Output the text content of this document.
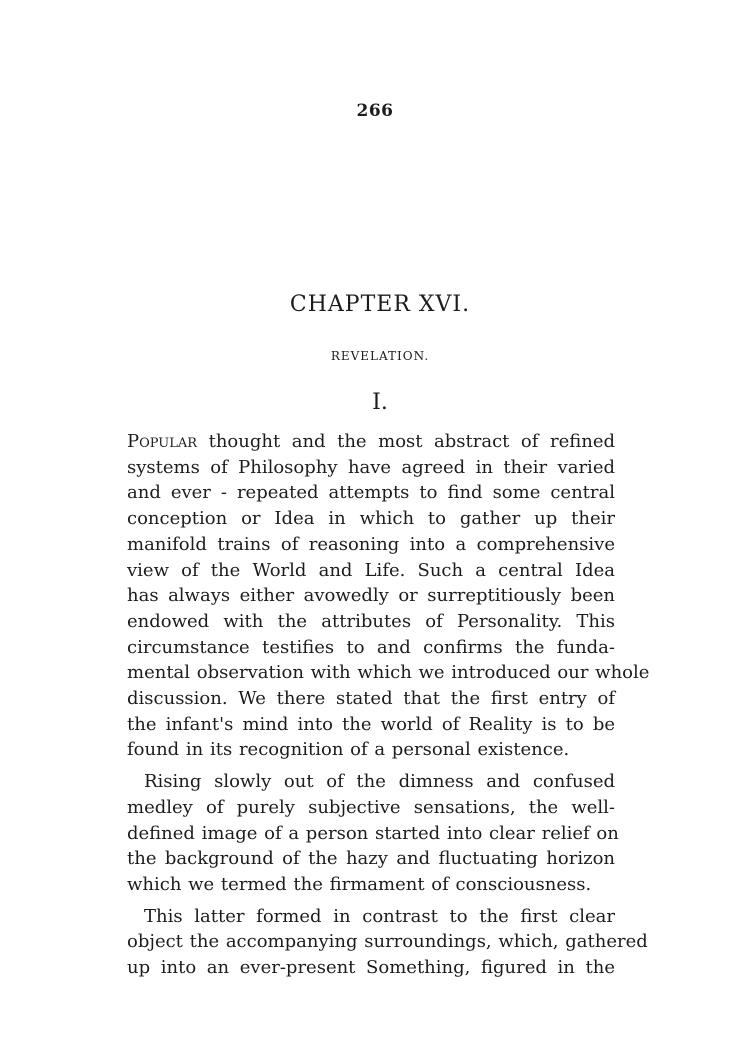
266
CHAPTER XVI.
REVELATION.
I.
Popular thought and the most abstract of refined
systems of Philosophy have agreed in their varied
and ever - repeated attempts to find some central
conception or Idea in which to gather up their
manifold trains of reasoning into a comprehensive
view of the World and Life. Such a central Idea
has always either avowedly or surreptitiously been
endowed with the attributes of Personality. This
circumstance testifies to and confirms the funda-
mental observation with which we introduced our whole
discussion. We there stated that the first entry of
the infant's mind into the world of Reality is to be
found in its recognition of a personal existence.
Rising slowly out of the dimness and confused
medley of purely subjective sensations, the well-
defined image of a person started into clear relief on
the background of the hazy and fluctuating horizon
which we termed the firmament of consciousness.
This latter formed in contrast to the first clear
object the accompanying surroundings, which, gathered
up into an ever-present Something, figured in the
